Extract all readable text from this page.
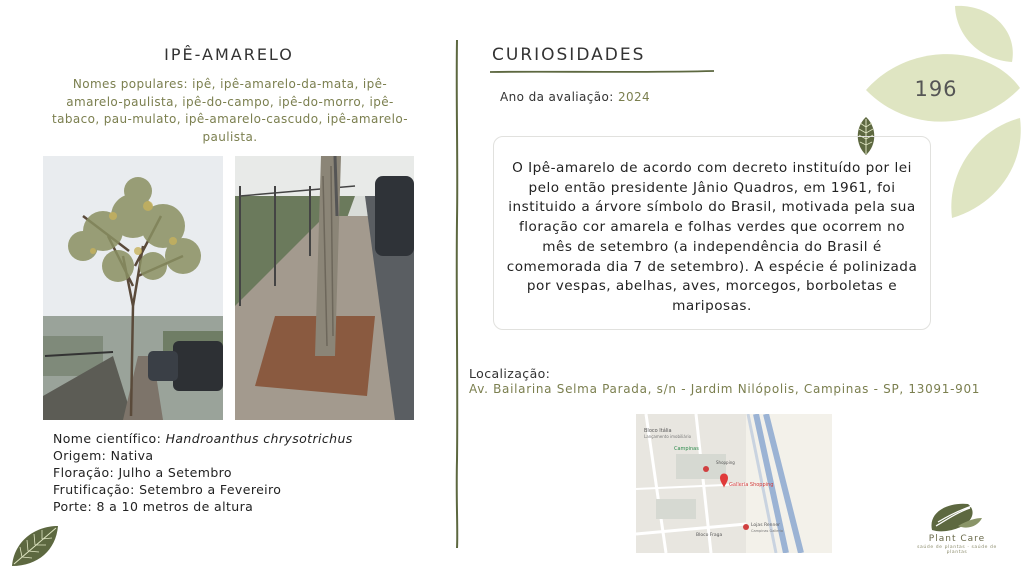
IPÊ-AMARELO
Nomes populares: ipê, ipê-amarelo-da-mata, ipê-amarelo-paulista, ipê-do-campo, ipê-do-morro, ipê-tabaco, pau-mulato, ipê-amarelo-cascudo, ipê-amarelo-paulista.
Nome científico: Handroanthus chrysotrichus
Origem: Nativa
Floração: Julho a Setembro
Frutificação: Setembro a Fevereiro
Porte: 8 a 10 metros de altura
CURIOSIDADES
Ano da avaliação: 2024
O Ipê-amarelo de acordo com decreto instituído por lei pelo então presidente Jânio Quadros, em 1961, foi instituido a árvore símbolo do Brasil, motivada pela sua floração cor amarela e folhas verdes que ocorrem no mês de setembro (a independência do Brasil é comemorada dia 7 de setembro). A espécie é polinizada por vespas, abelhas, aves, morcegos, borboletas e mariposas.
196
Localização:
Av. Bailarina Selma Parada, s/n - Jardim Nilópolis, Campinas - SP, 13091-901
Bloco Itália
Lançamento imobiliário
Campinas
Shopping
Galleria Shopping
Bloco Fraga
Lojas Renner
Campinas Galleria
Plant Care
saúde de plantas · saúde de plantas
